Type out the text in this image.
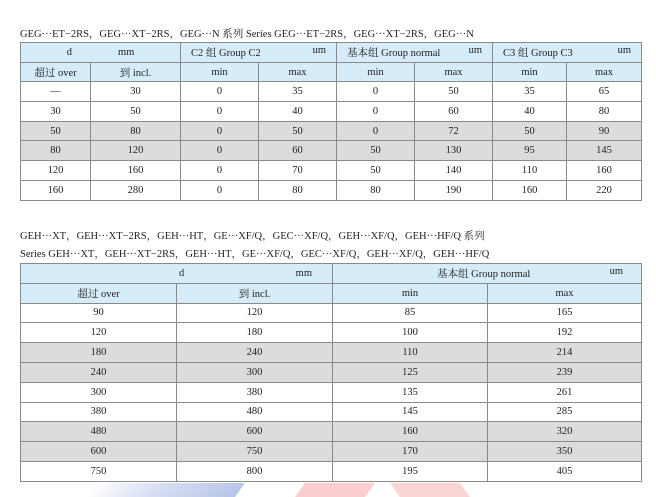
GEG···ET−2RS，GEG···XT−2RS，GEG···N 系列 Series GEG···ET−2RS，GEG···XT−2RS，GEG···N
d mm		C2 组 Group C2 um		基本组 Group normal um		C3 组 Group C3 um	

超过 over	到 incl.	min	max	min	max	min	max
—	30	0	35	0	50	35	65
30	50	0	40	0	60	40	80
50	80	0	50	0	72	50	90
80	120	0	60	50	130	95	145
120	160	0	70	50	140	110	160
160	280	0	80	80	190	160	220
GEH···XT，GEH···XT−2RS，GEH···HT，GE···XF/Q，GEC···XF/Q，GEH···XF/Q，GEH···HF/Q 系列
Series GEH···XT，GEH···XT−2RS，GEH···HT，GE···XF/Q，GEC···XF/Q，GEH···XF/Q，GEH···HF/Q
d mm		基本组 Group normal um	

超过 over	到 incl.	min	max
90	120	85	165
120	180	100	192
180	240	110	214
240	300	125	239
300	380	135	261
380	480	145	285
480	600	160	320
600	750	170	350
750	800	195	405
